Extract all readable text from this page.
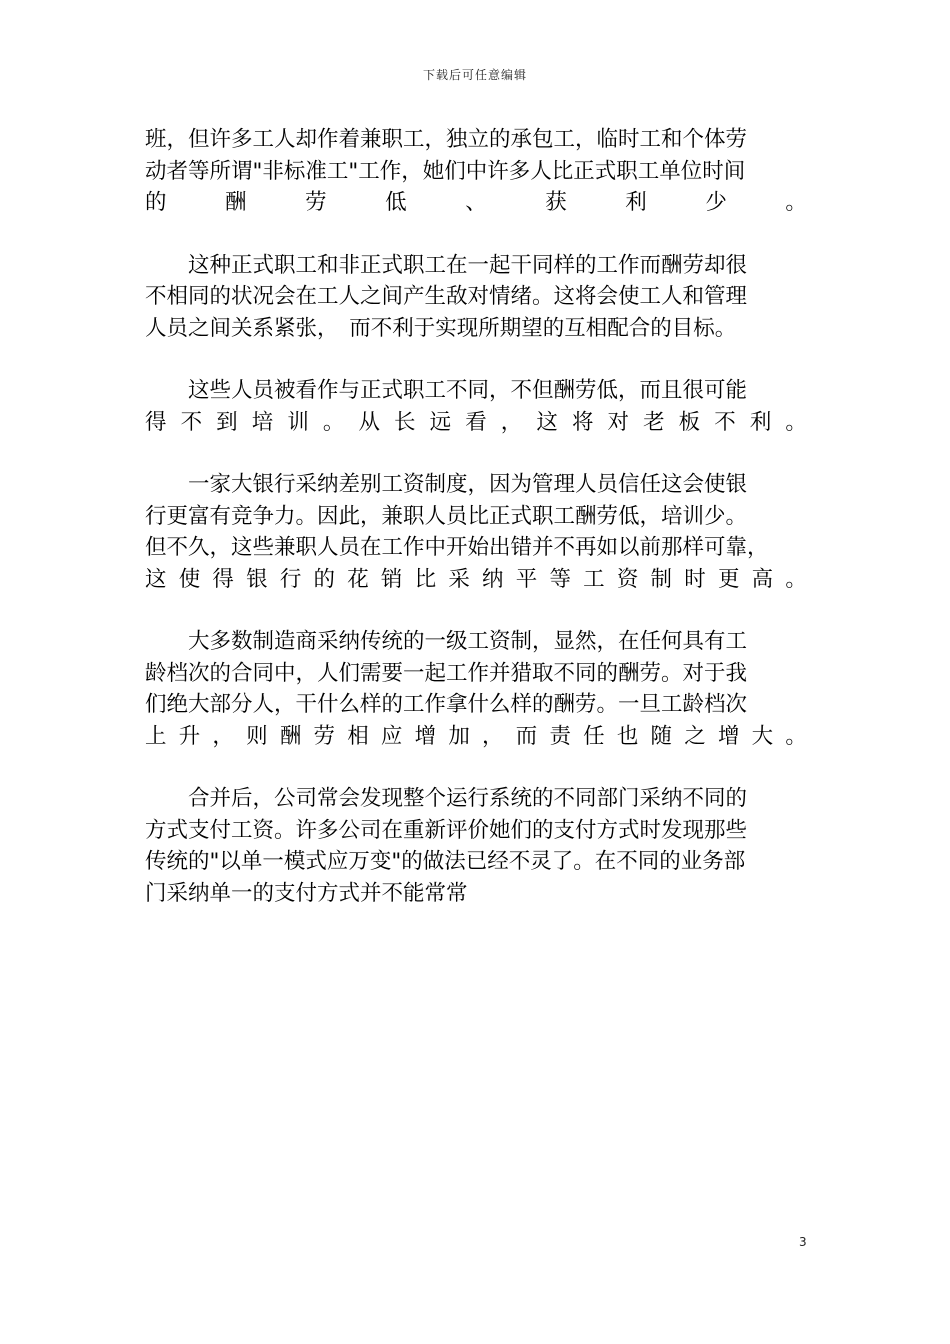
下载后可任意编辑
班，但许多工人却作着兼职工，独立的承包工，临时工和个体劳
动者等所谓"非标准工"工作，她们中许多人比正式职工单位时间
的	酬	劳	低	、	获	利	少	。
　　这种正式职工和非正式职工在一起干同样的工作而酬劳却很
不相同的状况会在工人之间产生敌对情绪。这将会使工人和管理
人员之间关系紧张，　而不利于实现所期望的互相配合的目标。
　　这些人员被看作与正式职工不同，不但酬劳低，而且很可能
得 不 到 培 训 。 从 长 远 看 ， 这 将 对 老 板 不 利 。
　　一家大银行采纳差别工资制度，因为管理人员信任这会使银
行更富有竞争力。因此，兼职人员比正式职工酬劳低，培训少。
但不久，这些兼职人员在工作中开始出错并不再如以前那样可靠，
这 使 得 银 行 的 花 销 比 采 纳 平 等 工 资 制 时 更 高 。
　　大多数制造商采纳传统的一级工资制，显然，在任何具有工
龄档次的合同中，人们需要一起工作并猎取不同的酬劳。对于我
们绝大部分人，干什么样的工作拿什么样的酬劳。一旦工龄档次
上 升 ， 则 酬 劳 相 应 增 加 ， 而 责 任 也 随 之 增 大 。
　　合并后，公司常会发现整个运行系统的不同部门采纳不同的
方式支付工资。许多公司在重新评价她们的支付方式时发现那些
传统的"以单一模式应万变"的做法已经不灵了。在不同的业务部
门采纳单一的支付方式并不能常常
3
